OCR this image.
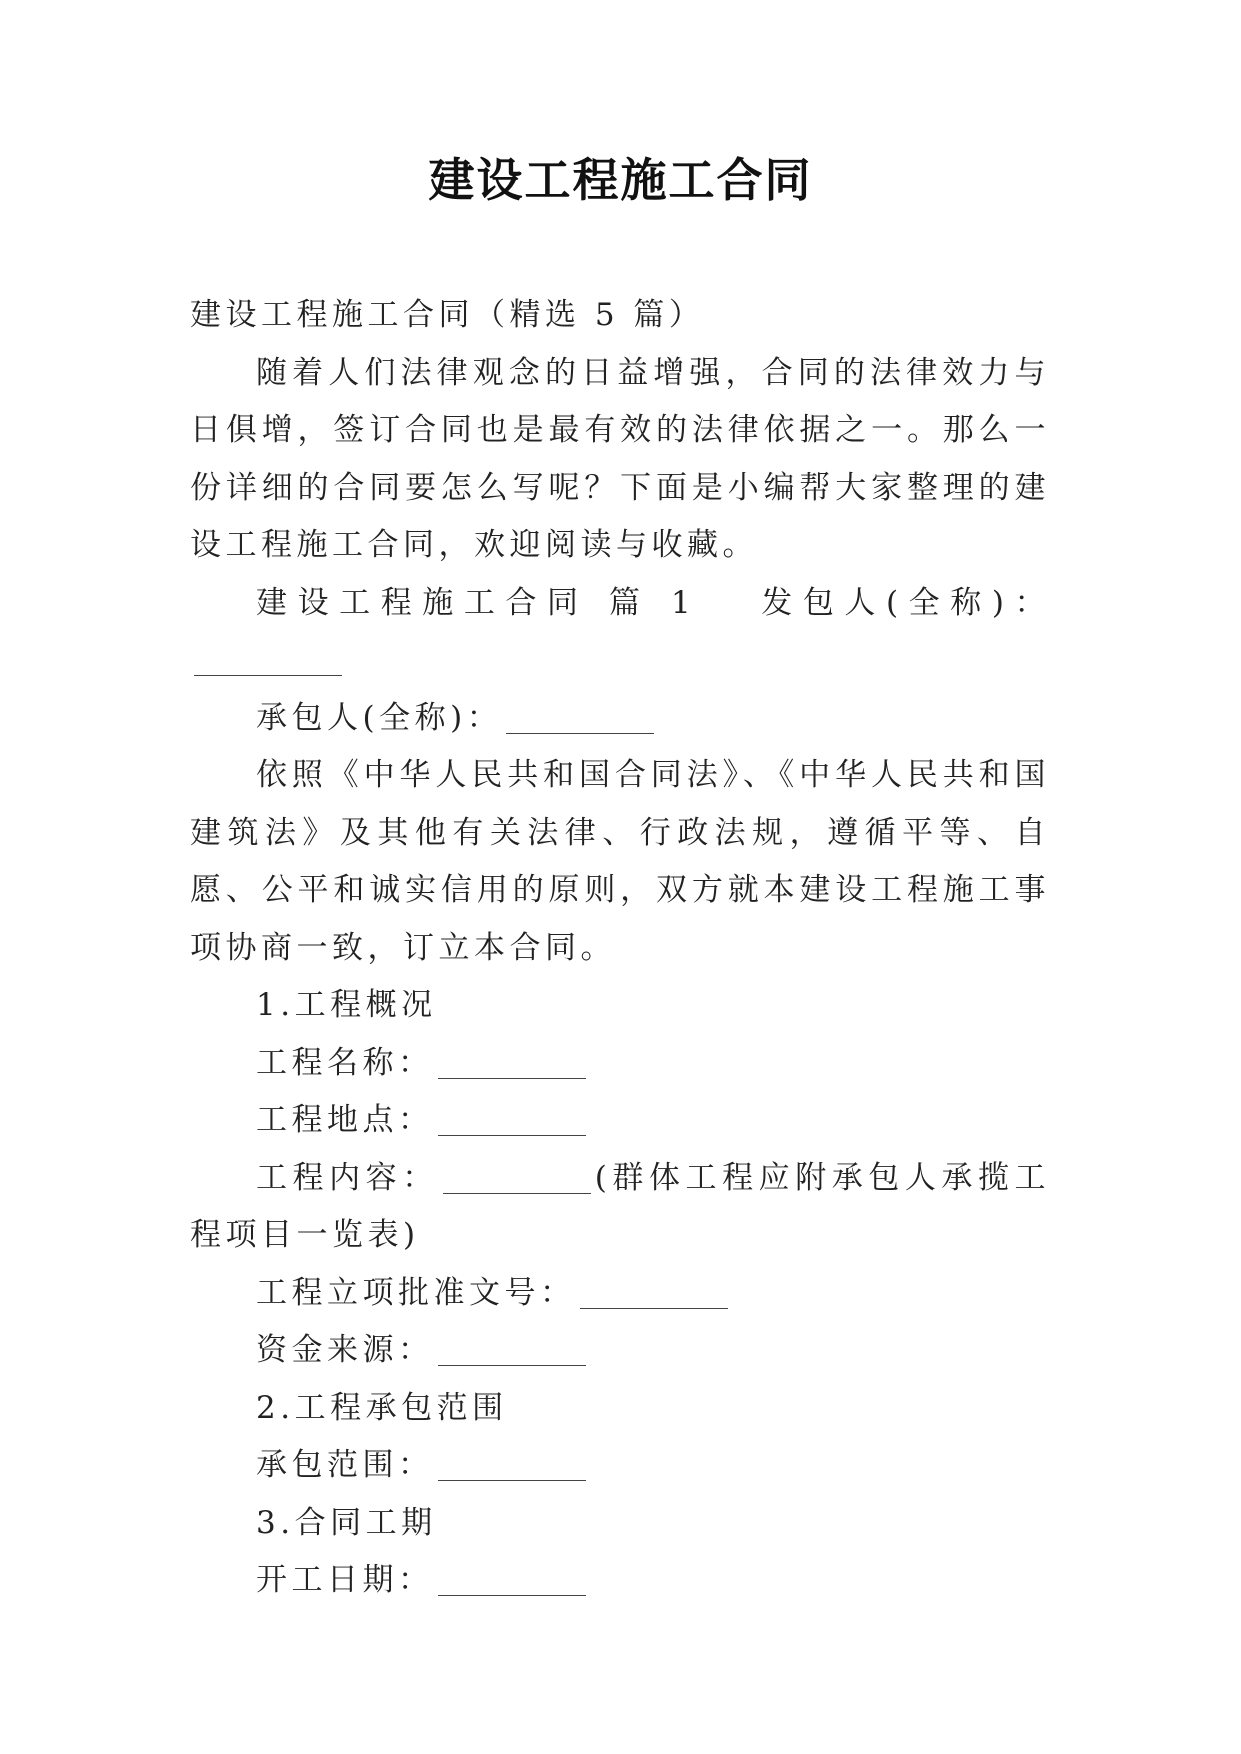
建设工程施工合同

建设工程施工合同（精选 5 篇）

随着人们法律观念的日益增强，合同的法律效力与日俱增，签订合同也是最有效的法律依据之一。那么一份详细的合同要怎么写呢？下面是小编帮大家整理的建设工程施工合同，欢迎阅读与收藏。

建设工程施工合同 篇 1 发包人(全称)：

承包人(全称)：

依照《中华人民共和国合同法》、《中华人民共和国建筑法》及其他有关法律、行政法规，遵循平等、自愿、公平和诚实信用的原则，双方就本建设工程施工事项协商一致，订立本合同。

1.工程概况

工程名称：

工程地点：

工程内容：	(群体工程应附承包人承揽工程项目一览表)

工程立项批准文号：

资金来源：

2.工程承包范围

承包范围：

3.合同工期

开工日期：
